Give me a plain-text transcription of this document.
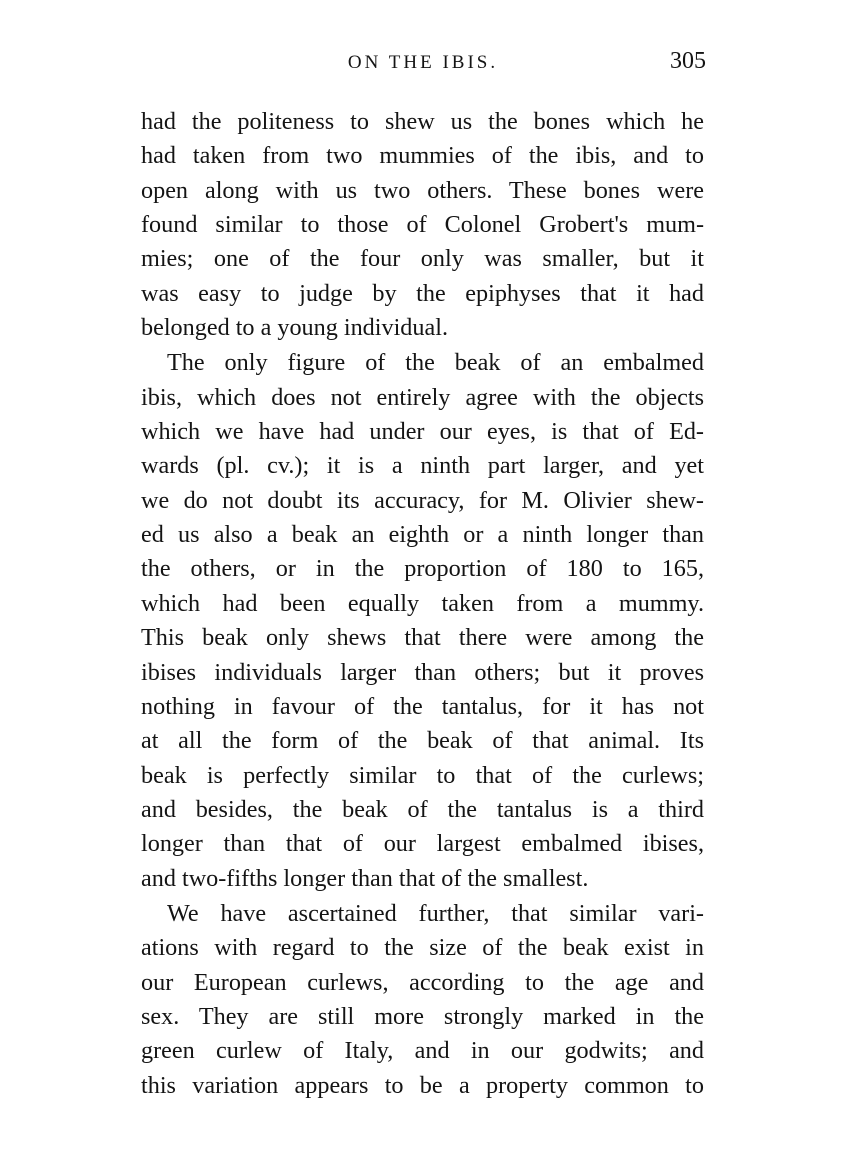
ON THE IBIS.	305
had the politeness to shew us the bones which he
had taken from two mummies of the ibis, and to
open along with us two others. These bones were
found similar to those of Colonel Grobert's mum-
mies; one of the four only was smaller, but it
was easy to judge by the epiphyses that it had
belonged to a young individual.
The only figure of the beak of an embalmed
ibis, which does not entirely agree with the objects
which we have had under our eyes, is that of Ed-
wards (pl. cv.); it is a ninth part larger, and yet
we do not doubt its accuracy, for M. Olivier shew-
ed us also a beak an eighth or a ninth longer than
the others, or in the proportion of 180 to 165,
which had been equally taken from a mummy.
This beak only shews that there were among the
ibises individuals larger than others; but it proves
nothing in favour of the tantalus, for it has not
at all the form of the beak of that animal. Its
beak is perfectly similar to that of the curlews;
and besides, the beak of the tantalus is a third
longer than that of our largest embalmed ibises,
and two-fifths longer than that of the smallest.
We have ascertained further, that similar vari-
ations with regard to the size of the beak exist in
our European curlews, according to the age and
sex. They are still more strongly marked in the
green curlew of Italy, and in our godwits; and
this variation appears to be a property common to
